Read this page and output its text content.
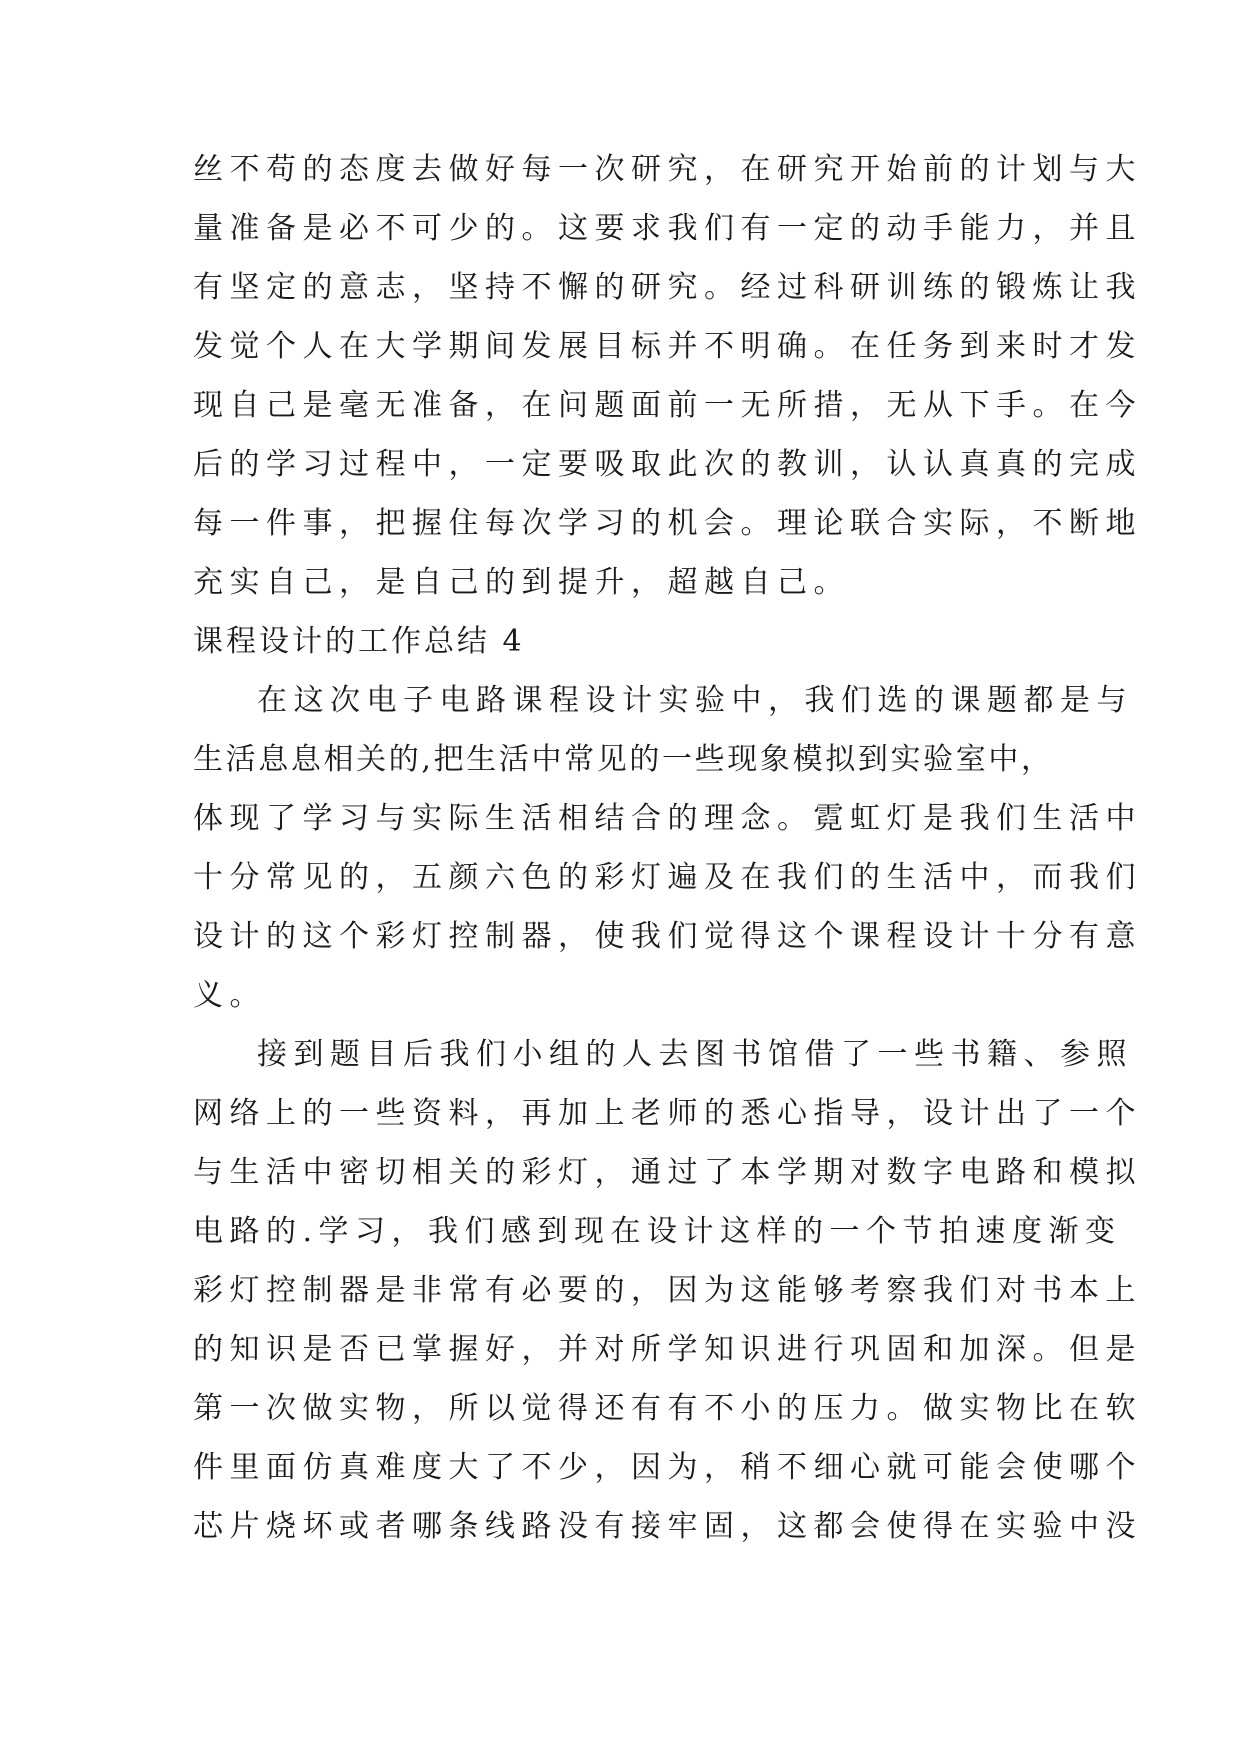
丝不苟的态度去做好每一次研究，在研究开始前的计划与大
量准备是必不可少的。这要求我们有一定的动手能力，并且
有坚定的意志，坚持不懈的研究。经过科研训练的锻炼让我
发觉个人在大学期间发展目标并不明确。在任务到来时才发
现自己是毫无准备，在问题面前一无所措，无从下手。在今
后的学习过程中，一定要吸取此次的教训，认认真真的完成
每一件事，把握住每次学习的机会。理论联合实际，不断地
充实自己，是自己的到提升，超越自己。
课程设计的工作总结 4
在这次电子电路课程设计实验中，我们选的课题都是与
生活息息相关的,把生活中常见的一些现象模拟到实验室中，
体现了学习与实际生活相结合的理念。霓虹灯是我们生活中
十分常见的，五颜六色的彩灯遍及在我们的生活中，而我们
设计的这个彩灯控制器，使我们觉得这个课程设计十分有意
义。
接到题目后我们小组的人去图书馆借了一些书籍、参照
网络上的一些资料，再加上老师的悉心指导，设计出了一个
与生活中密切相关的彩灯，通过了本学期对数字电路和模拟
电路的.学习，我们感到现在设计这样的一个节拍速度渐变
彩灯控制器是非常有必要的，因为这能够考察我们对书本上
的知识是否已掌握好，并对所学知识进行巩固和加深。但是
第一次做实物，所以觉得还有有不小的压力。做实物比在软
件里面仿真难度大了不少，因为，稍不细心就可能会使哪个
芯片烧坏或者哪条线路没有接牢固，这都会使得在实验中没
